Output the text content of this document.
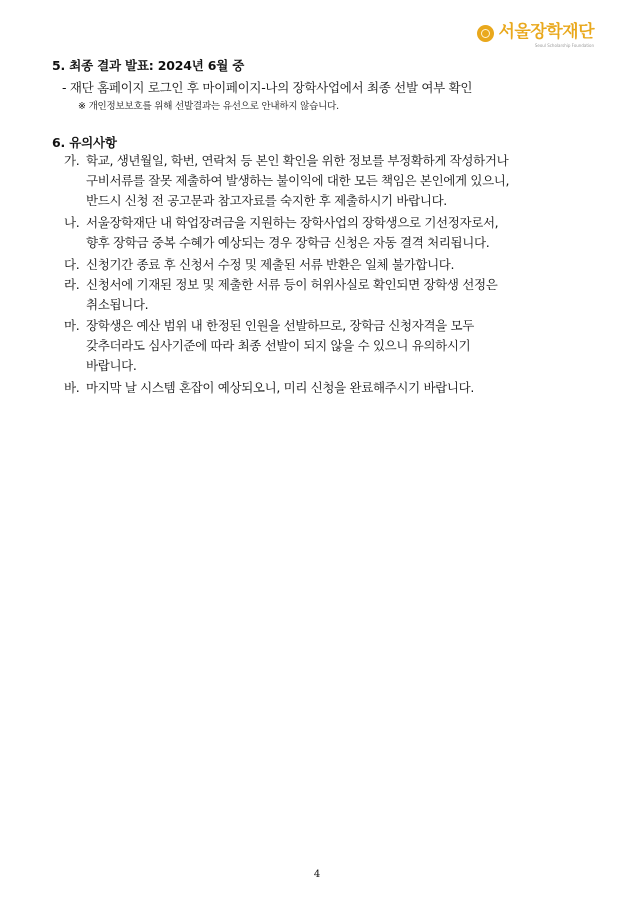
서울장학재단
Seoul Scholarship Foundation
5. 최종 결과 발표: 2024년 6월 중
- 재단 홈페이지 로그인 후 마이페이지-나의 장학사업에서 최종 선발 여부 확인
※ 개인정보보호를 위해 선발결과는 유선으로 안내하지 않습니다.
6. 유의사항
가. 학교, 생년월일, 학번, 연락처 등 본인 확인을 위한 정보를 부정확하게 작성하거나
구비서류를 잘못 제출하여 발생하는 불이익에 대한 모든 책임은 본인에게 있으니,
반드시 신청 전 공고문과 참고자료를 숙지한 후 제출하시기 바랍니다.
나. 서울장학재단 내 학업장려금을 지원하는 장학사업의 장학생으로 기선정자로서,
향후 장학금 중복 수혜가 예상되는 경우 장학금 신청은 자동 결격 처리됩니다.
다. 신청기간 종료 후 신청서 수정 및 제출된 서류 반환은 일체 불가합니다.
라. 신청서에 기재된 정보 및 제출한 서류 등이 허위사실로 확인되면 장학생 선정은
취소됩니다.
마. 장학생은 예산 범위 내 한정된 인원을 선발하므로, 장학금 신청자격을 모두
갖추더라도 심사기준에 따라 최종 선발이 되지 않을 수 있으니 유의하시기
바랍니다.
바. 마지막 날 시스템 혼잡이 예상되오니, 미리 신청을 완료해주시기 바랍니다.
4
